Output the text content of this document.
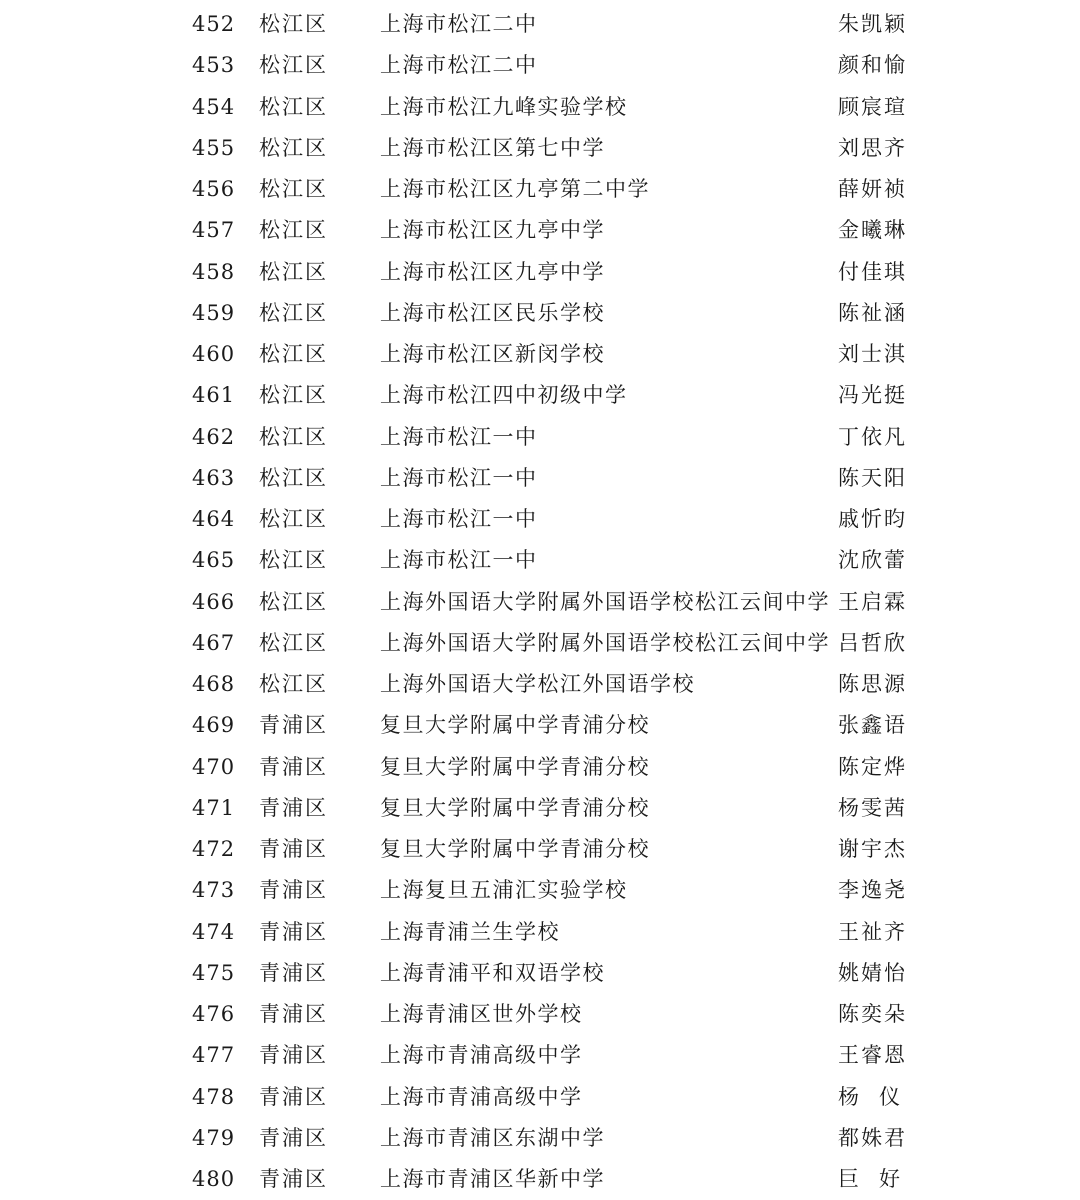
452 松江区 上海市松江二中	朱凯颖
453 松江区 上海市松江二中	颜和愉
454 松江区 上海市松江九峰实验学校	顾宸瑄
455 松江区 上海市松江区第七中学	刘思齐
456 松江区 上海市松江区九亭第二中学	薛妍祯
457 松江区 上海市松江区九亭中学	金曦琳
458 松江区 上海市松江区九亭中学	付佳琪
459 松江区 上海市松江区民乐学校	陈祉涵
460 松江区 上海市松江区新闵学校	刘士淇
461 松江区 上海市松江四中初级中学	冯光挺
462 松江区 上海市松江一中	丁依凡
463 松江区 上海市松江一中	陈天阳
464 松江区 上海市松江一中	戚忻昀
465 松江区 上海市松江一中	沈欣蕾
466 松江区 上海外国语大学附属外国语学校松江云间中学 王启霖
467 松江区 上海外国语大学附属外国语学校松江云间中学 吕哲欣
468 松江区 上海外国语大学松江外国语学校	陈思源
469 青浦区 复旦大学附属中学青浦分校	张鑫语
470 青浦区 复旦大学附属中学青浦分校	陈定烨
471 青浦区 复旦大学附属中学青浦分校	杨雯茜
472 青浦区 复旦大学附属中学青浦分校	谢宇杰
473 青浦区 上海复旦五浦汇实验学校	李逸尧
474 青浦区 上海青浦兰生学校	王祉齐
475 青浦区 上海青浦平和双语学校	姚婧怡
476 青浦区 上海青浦区世外学校	陈奕朵
477 青浦区 上海市青浦高级中学	王睿恩
478 青浦区 上海市青浦高级中学	杨仪
479 青浦区 上海市青浦区东湖中学	都姝君
480 青浦区 上海市青浦区华新中学	巨好
